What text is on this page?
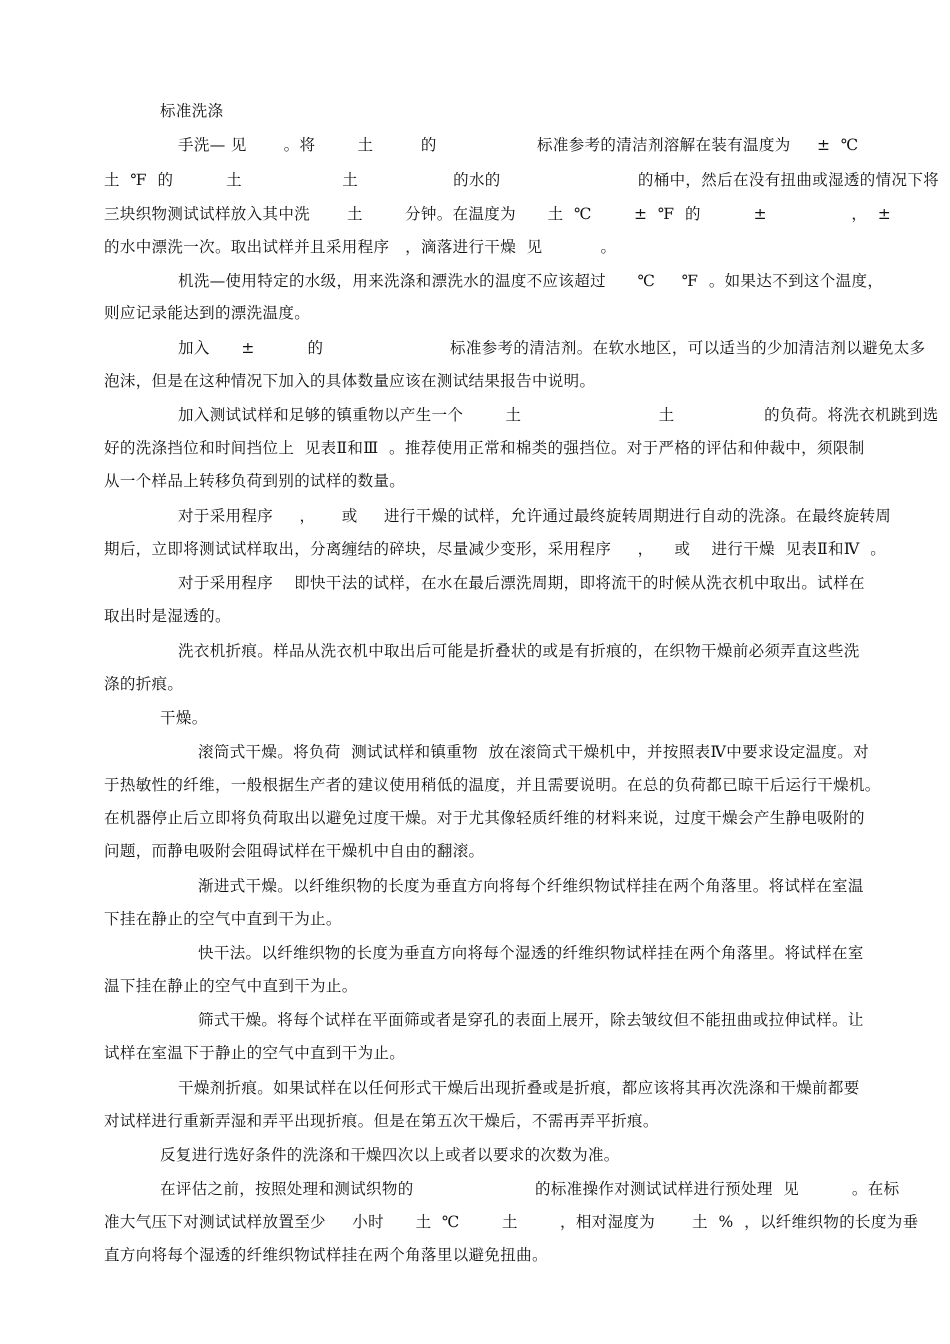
标准洗涤
手洗— 见       。将        土         的                   标准参考的清洁剂溶解在装有温度为     ±  ℃
土  ℉  的          土                   土                  的水的                          的桶中，然后在没有扭曲或湿透的情况下将
三块织物测试试样放入其中洗       土        分钟。在温度为      土  ℃        ±  ℉  的          ±                ，  ±
的水中漂洗一次。取出试样并且采用程序   ，滴落进行干燥  见           。
机洗—使用特定的水级，用来洗涤和漂洗水的温度不应该超过      ℃     ℉  。如果达不到这个温度，
则应记录能达到的漂洗温度。
加入      ±          的                        标准参考的清洁剂。在软水地区，可以适当的少加清洁剂以避免太多
泡沫，但是在这种情况下加入的具体数量应该在测试结果报告中说明。
加入测试试样和足够的镇重物以产生一个        土                          土                 的负荷。将洗衣机跳到选
好的洗涤挡位和时间挡位上  见表Ⅱ和Ⅲ  。推荐使用正常和棉类的强挡位。对于严格的评估和仲裁中，须限制
从一个样品上转移负荷到别的试样的数量。
对于采用程序     ，     或     进行干燥的试样，允许通过最终旋转周期进行自动的洗涤。在最终旋转周
期后，立即将测试试样取出，分离缠结的碎块，尽量减少变形，采用程序     ，    或    进行干燥  见表Ⅱ和Ⅳ  。
对于采用程序    即快干法的试样，在水在最后漂洗周期，即将流干的时候从洗衣机中取出。试样在
取出时是湿透的。
洗衣机折痕。样品从洗衣机中取出后可能是折叠状的或是有折痕的，在织物干燥前必须弄直这些洗
涤的折痕。
干燥。
滚筒式干燥。将负荷  测试试样和镇重物  放在滚筒式干燥机中，并按照表Ⅳ中要求设定温度。对
于热敏性的纤维，一般根据生产者的建议使用稍低的温度，并且需要说明。在总的负荷都已晾干后运行干燥机。
在机器停止后立即将负荷取出以避免过度干燥。对于尤其像轻质纤维的材料来说，过度干燥会产生静电吸附的
问题，而静电吸附会阻碍试样在干燥机中自由的翻滚。
渐进式干燥。以纤维织物的长度为垂直方向将每个纤维织物试样挂在两个角落里。将试样在室温
下挂在静止的空气中直到干为止。
快干法。以纤维织物的长度为垂直方向将每个湿透的纤维织物试样挂在两个角落里。将试样在室
温下挂在静止的空气中直到干为止。
筛式干燥。将每个试样在平面筛或者是穿孔的表面上展开，除去皱纹但不能扭曲或拉伸试样。让
试样在室温下于静止的空气中直到干为止。
干燥剂折痕。如果试样在以任何形式干燥后出现折叠或是折痕，都应该将其再次洗涤和干燥前都要
对试样进行重新弄湿和弄平出现折痕。但是在第五次干燥后，不需再弄平折痕。
反复进行选好条件的洗涤和干燥四次以上或者以要求的次数为准。
在评估之前，按照处理和测试织物的                       的标准操作对测试试样进行预处理  见          。在标
准大气压下对测试试样放置至少     小时      土  ℃        土        ，相对湿度为       土  %  ，以纤维织物的长度为垂
直方向将每个湿透的纤维织物试样挂在两个角落里以避免扭曲。
